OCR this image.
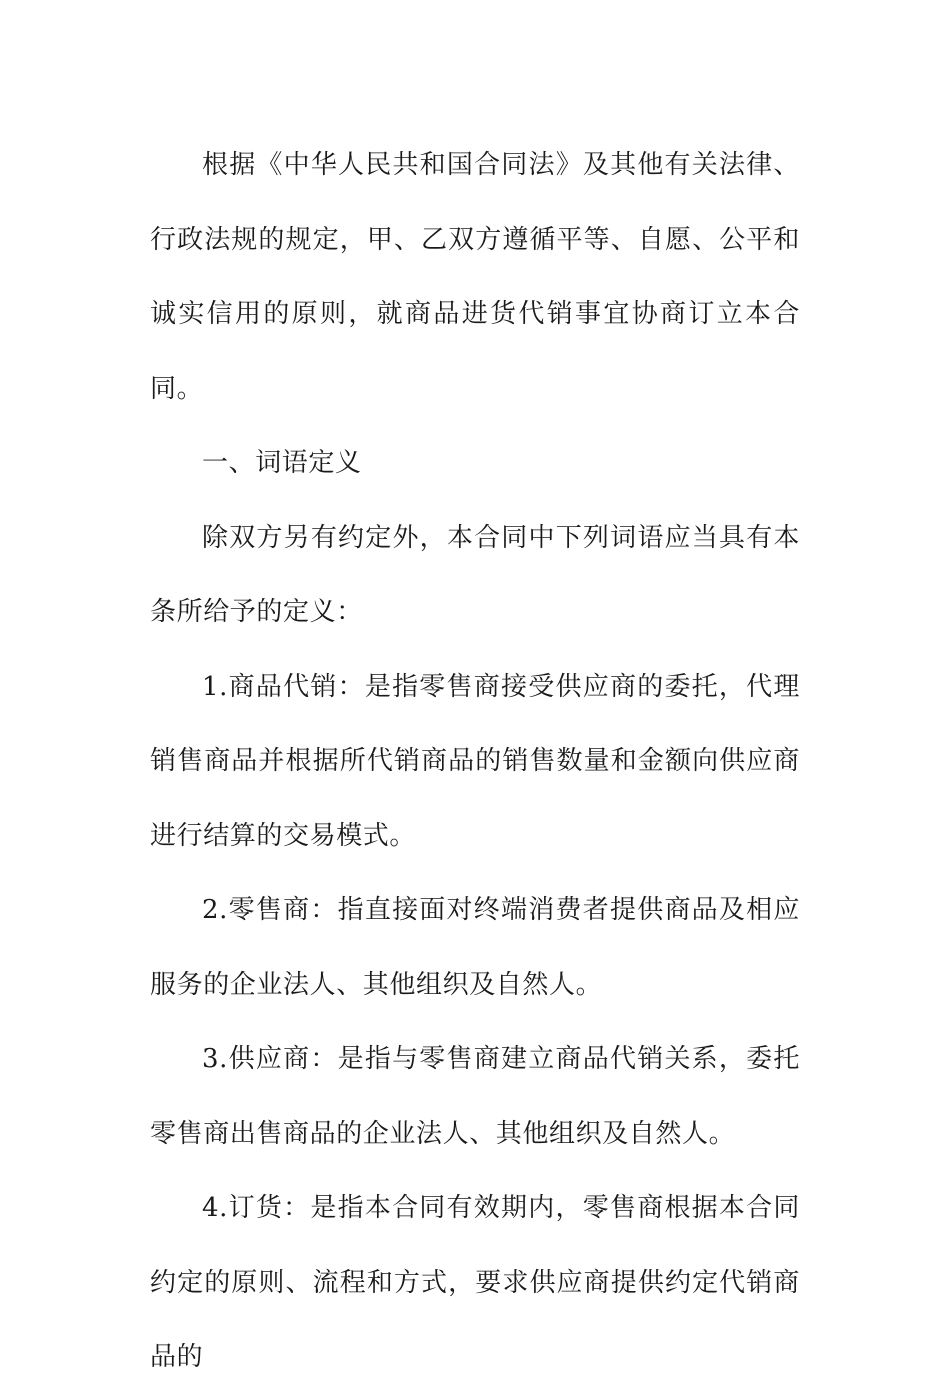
根据《中华人民共和国合同法》及其他有关法律、行政法规的规定，甲、乙双方遵循平等、自愿、公平和诚实信用的原则，就商品进货代销事宜协商订立本合同。

一、词语定义

除双方另有约定外，本合同中下列词语应当具有本条所给予的定义：

1.商品代销：是指零售商接受供应商的委托，代理销售商品并根据所代销商品的销售数量和金额向供应商进行结算的交易模式。

2.零售商：指直接面对终端消费者提供商品及相应服务的企业法人、其他组织及自然人。

3.供应商：是指与零售商建立商品代销关系，委托零售商出售商品的企业法人、其他组织及自然人。

4.订货：是指本合同有效期内，零售商根据本合同约定的原则、流程和方式，要求供应商提供约定代销商品的
